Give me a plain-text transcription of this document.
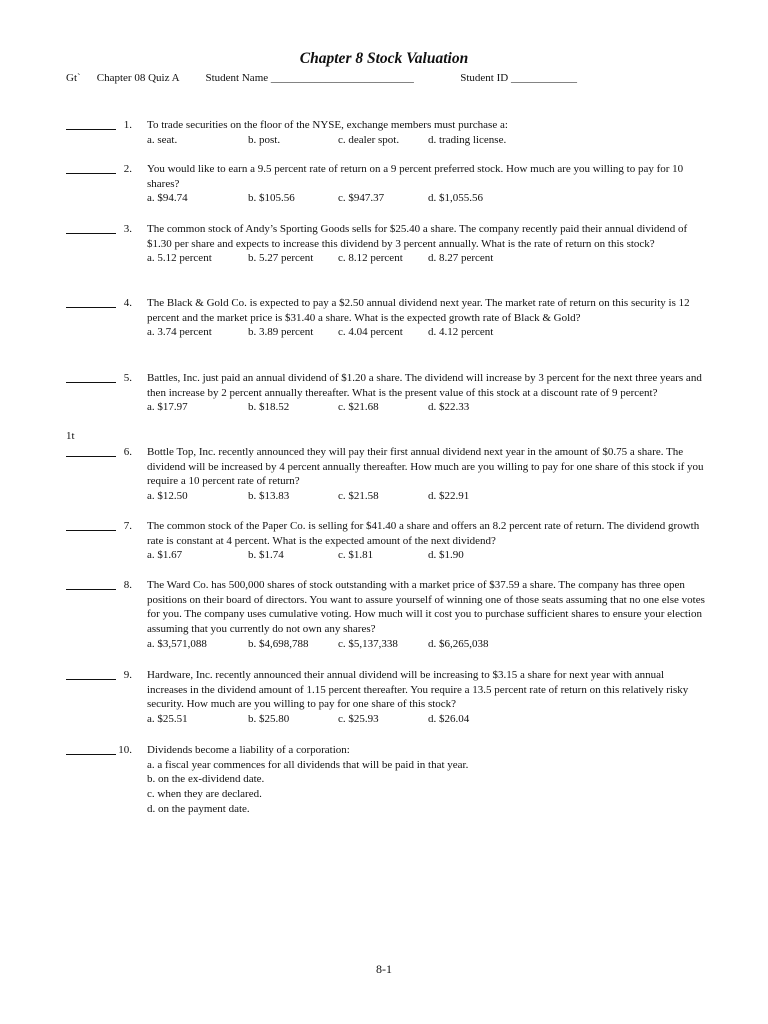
Chapter 8 Stock Valuation
Gt` Chapter 08 Quiz A Student Name __________________________	Student ID ____________
1. To trade securities on the floor of the NYSE, exchange members must purchase a:
a. seat.	b. post.	c. dealer spot.	d. trading license.
2. You would like to earn a 9.5 percent rate of return on a 9 percent preferred stock. How much are you willing to pay for 10 shares?
a. $94.74	b. $105.56	c. $947.37	d. $1,055.56
3. The common stock of Andy’s Sporting Goods sells for $25.40 a share. The company recently paid their annual dividend of $1.30 per share and expects to increase this dividend by 3 percent annually. What is the rate of return on this stock?
a. 5.12 percent	b. 5.27 percent	c. 8.12 percent	d. 8.27 percent
4. The Black & Gold Co. is expected to pay a $2.50 annual dividend next year. The market rate of return on this security is 12 percent and the market price is $31.40 a share. What is the expected growth rate of Black & Gold?
a. 3.74 percent	b. 3.89 percent	c. 4.04 percent	d. 4.12 percent
5. Battles, Inc. just paid an annual dividend of $1.20 a share. The dividend will increase by 3 percent for the next three years and then increase by 2 percent annually thereafter. What is the present value of this stock at a discount rate of 9 percent?
a. $17.97	b. $18.52	c. $21.68	d. $22.33
1t
6. Bottle Top, Inc. recently announced they will pay their first annual dividend next year in the amount of $0.75 a share. The dividend will be increased by 4 percent annually thereafter. How much are you willing to pay for one share of this stock if you require a 10 percent rate of return?
a. $12.50	b. $13.83	c. $21.58	d. $22.91
7. The common stock of the Paper Co. is selling for $41.40 a share and offers an 8.2 percent rate of return. The dividend growth rate is constant at 4 percent. What is the expected amount of the next dividend?
a. $1.67	b. $1.74	c. $1.81	d. $1.90
8. The Ward Co. has 500,000 shares of stock outstanding with a market price of $37.59 a share. The company has three open positions on their board of directors. You want to assure yourself of winning one of those seats assuming that no one else votes for you. The company uses cumulative voting. How much will it cost you to purchase sufficient shares to ensure your election assuming that you currently do not own any shares?
a. $3,571,088	b. $4,698,788	c. $5,137,338	d. $6,265,038
9. Hardware, Inc. recently announced their annual dividend will be increasing to $3.15 a share for next year with annual increases in the dividend amount of 1.15 percent thereafter. You require a 13.5 percent rate of return on this relatively risky security. How much are you willing to pay for one share of this stock?
a. $25.51	b. $25.80	c. $25.93	d. $26.04
10. Dividends become a liability of a corporation:
a. a fiscal year commences for all dividends that will be paid in that year.
b. on the ex-dividend date.
c. when they are declared.
d. on the payment date.
8-1
